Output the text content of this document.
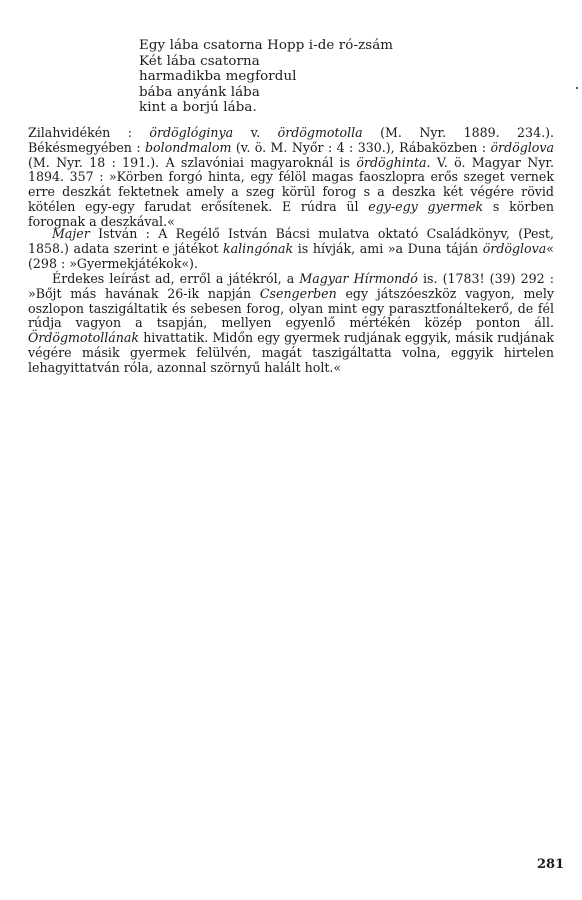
Egy lába csatorna Hopp i-de ró-zsám
Két lába csatorna
harmadikba megfordul
bába anyánk lába
kint a borjú lába.
Zilahvidékén : ördöglóginya v. ördögmotolla (M. Nyr. 1889. 234.). Békésmegyében : bolondmalom (v. ö. M. Nyőr : 4 : 330.), Rábaközben : ördöglova (M. Nyr. 18 : 191.). A szlavóniai magyaroknál is ördöghinta. V. ö. Magyar Nyr. 1894. 357 : »Körben forgó hinta, egy félöl magas faoszlopra erős szeget vernek erre deszkát fektetnek amely a szeg körül forog s a deszka két végére rövid kötélen egy-egy farudat erősítenek. E rúdra ül egy-egy gyermek s körben forognak a deszkával.«
Majer István : A Regélő István Bácsi mulatva oktató Családkönyv, (Pest, 1858.) adata szerint e játékot kalingónak is hívják, ami »a Duna táján ördöglova« (298 : »Gyermekjátékok«).
Érdekes leírást ad, erről a játékról, a Magyar Hírmondó is. (1783! (39) 292 : »Bőjt más havának 26-ik napján Csengerben egy játszóeszköz vagyon, mely oszlopon taszigáltatik és sebesen forog, olyan mint egy parasztfonáltekerő, de fél rúdja vagyon a tsapján, mellyen egyenlő mértékén közép ponton áll. Ördögmotollának hivattatik. Midőn egy gyermek rudjának eggyik, másik rudjának végére másik gyermek felülvén, magát taszigáltatta volna, eggyik hirtelen lehagyittatván róla, azonnal szörnyű halált holt.«
281
